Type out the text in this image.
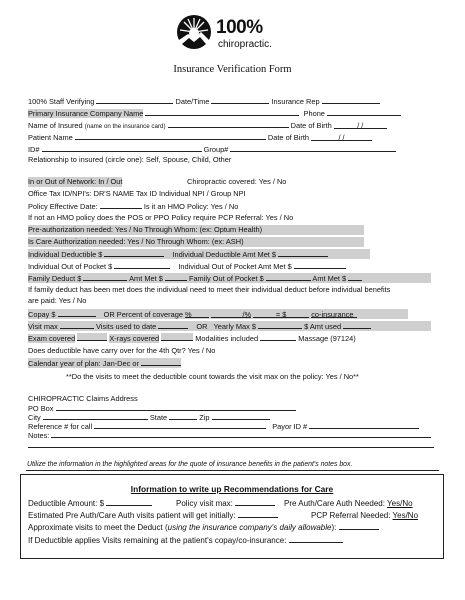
100%
chiropractic.
Insurance Verification Form
100% Staff Verifying	Date/Time	Insurance Rep
Primary Insurance Company Name	Phone
Name of Insured (name on the insurance card)	Date of Birth	/ /
Patient Name	Date of Birth	/ /
ID#	Group#
Relationship to insured (circle one): Self, Spouse, Child, Other
In or Out of Network: In / Out	Chiropractic covered: Yes / No
Office Tax ID/NPI's: DR'S NAME Tax ID Individual NPI / Group NPI
Policy Effective Date:	Is it an HMO Policy: Yes / No
If not an HMO policy does the POS or PPO Policy require PCP Referral: Yes / No
Pre-authorization needed: Yes / No Through Whom: (ex: Optum Health)
Is Care Authorization needed: Yes / No Through Whom: (ex: ASH)
Individual Deductible $	Individual Deductible Amt Met $
Individual Out of Pocket $	Individual Out of Pocket Amt Met $
Family Deduct $	Amt Met $	Family Out of Pocket $	Amt Met $
If family deduct has been met does the individual need to meet their individual deduct before individual benefits
are paid: Yes / No
Copay $	OR Percent of coverage %	/%	= $	co-insurance
Visit max	Visits used to date	OR Yearly Max $	$ Amt used
Exam covered	X-rays covered	Modalities included	Massage (97124)
Does deductible have carry over for the 4th Qtr? Yes / No
Calendar year of plan: Jan-Dec or
**Do the visits to meet the deductible count towards the visit max on the policy: Yes / No**
CHIROPRACTIC Claims Address
PO Box
City	State	Zip
Reference # for call	Payor ID #
Notes:
Utilize the information in the highlighted areas for the quote of insurance benefits in the patient's notes box.
Information to write up Recommendations for Care
Deductible Amount: $	Policy visit max:	Pre Auth/Care Auth Needed: Yes/No
Estimated Pre Auth/Care Auth visits patient will get initially:	PCP Referral Needed: Yes/No
Approximate visits to meet the Deduct (using the insurance company's daily allowable):
If Deductible applies Visits remaining at the patient's copay/co-insurance:
